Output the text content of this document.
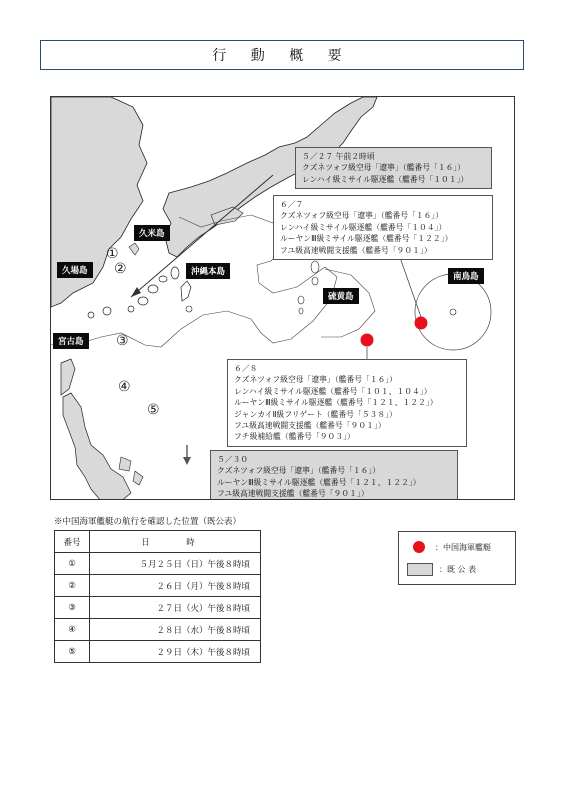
行 動 概 要
①
②
③
④
⑤
久米島
久場島	沖縄本島
宮古島
硫黄島
南鳥島
５／２７ 午前２時頃
クズネツォフ級空母「遼寧」（艦番号「１６」）
レンハイ級ミサイル駆逐艦（艦番号「１０１」）
６／７
クズネツォフ級空母「遼寧」（艦番号「１６」）
レンハイ級ミサイル駆逐艦（艦番号「１０４」）
ルーヤンⅢ級ミサイル駆逐艦（艦番号「１２２」）
フユ級高速戦闘支援艦（艦番号「９０１」）
６／８
クズネツォフ級空母「遼寧」（艦番号「１６」）
レンハイ級ミサイル駆逐艦（艦番号「１０１、１０４」）
ルーヤンⅢ級ミサイル駆逐艦（艦番号「１２１、１２２」）
ジャンカイⅡ級フリゲート（艦番号「５３８」）
フユ級高速戦闘支援艦（艦番号「９０１」）
フチ級補給艦（艦番号「９０３」）
５／３０
クズネツォフ級空母「遼寧」（艦番号「１６」）
ルーヤンⅢ級ミサイル駆逐艦（艦番号「１２１、１２２」）
フユ級高速戦闘支援艦（艦番号「９０１」）
※中国海軍艦艇の航行を確認した位置（既公表）
番号	日　時
①	５月２５日（日）午後８時頃
②	２６日（月）午後８時頃
③	２７日（火）午後８時頃
④	２８日（水）午後８時頃
⑤	２９日（木）午後８時頃
：中国海軍艦艇
：既 公 表
